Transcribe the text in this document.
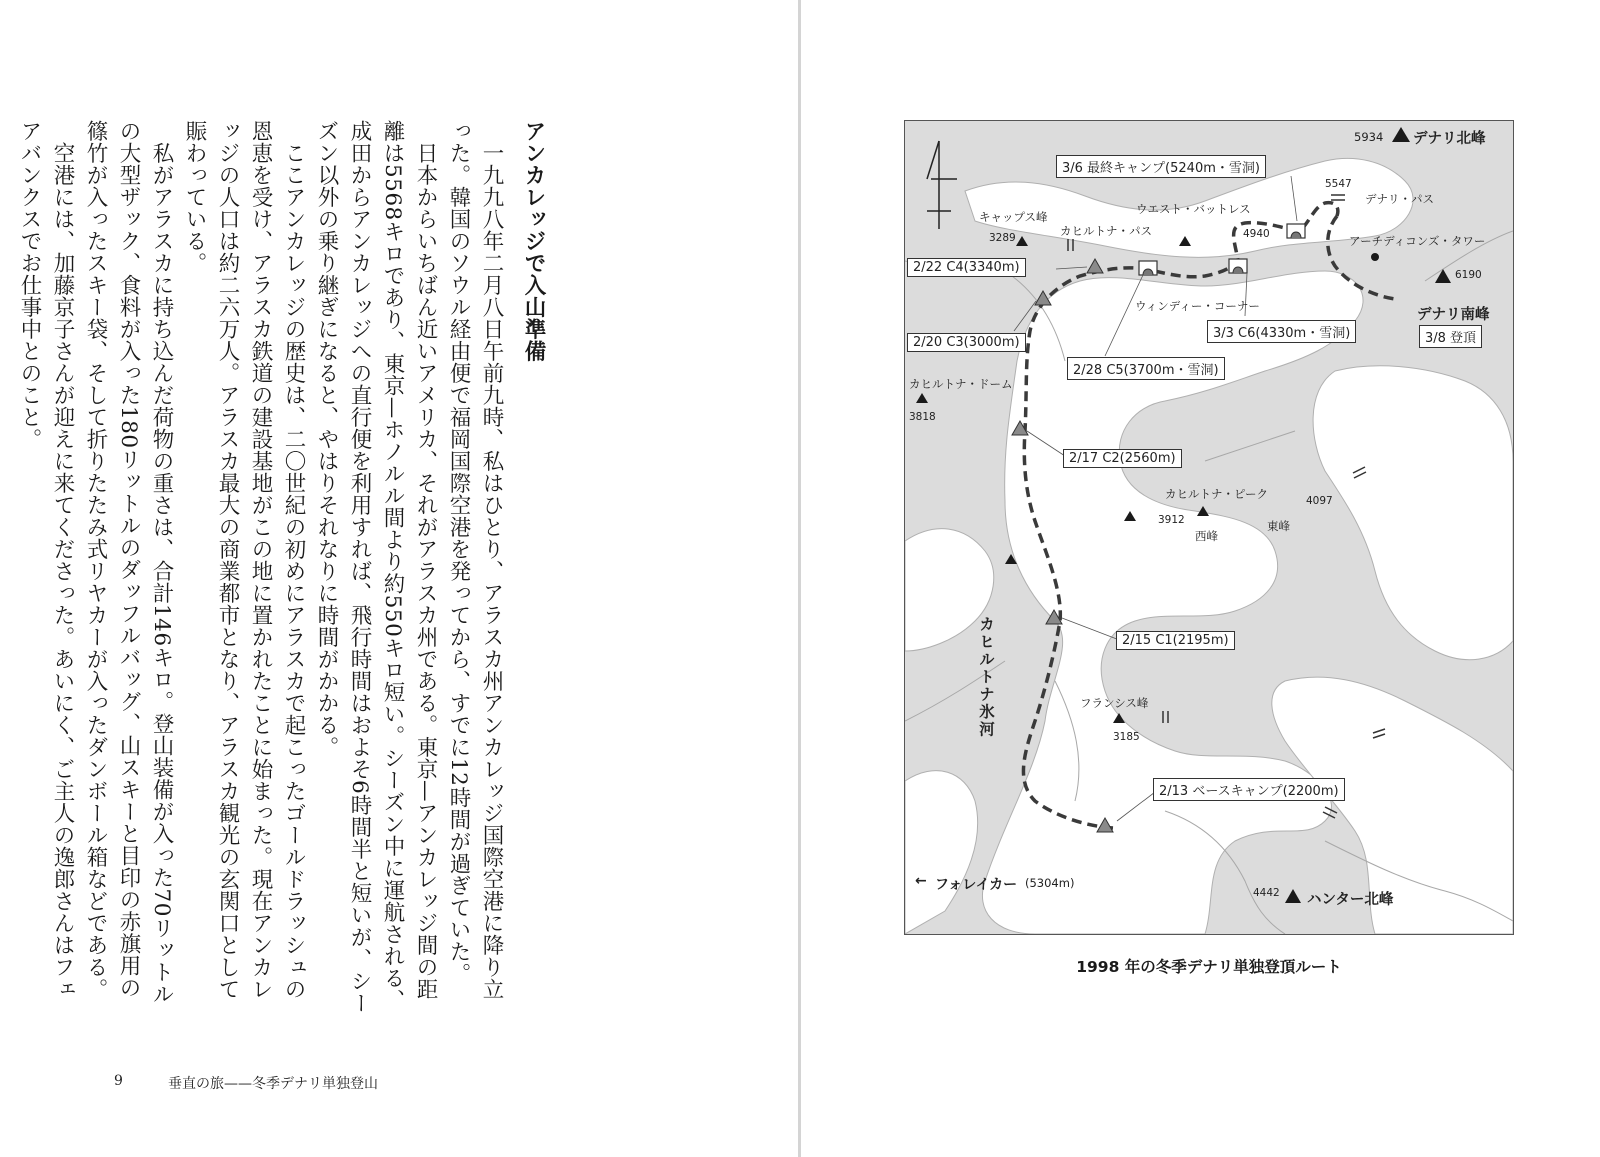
アンカレッジで入山準備

一九九八年二月八日午前九時、私はひとり、アラスカ州アンカレッジ国際空港に降り立った。韓国のソウル経由便で福岡国際空港を発ってから、すでに12時間が過ぎていた。

日本からいちばん近いアメリカ、それがアラスカ州である。東京—アンカレッジ間の距離は5568キロであり、東京—ホノルル間より約550キロ短い。シーズン中に運航される、成田からアンカレッジへの直行便を利用すれば、飛行時間はおよそ6時間半と短いが、シーズン以外の乗り継ぎになると、やはりそれなりに時間がかかる。

ここアンカレッジの歴史は、二〇世紀の初めにアラスカで起こったゴールドラッシュの恩恵を受け、アラスカ鉄道の建設基地がこの地に置かれたことに始まった。現在アンカレッジの人口は約二六万人。アラスカ最大の商業都市となり、アラスカ観光の玄関口として賑わっている。

私がアラスカに持ち込んだ荷物の重さは、合計146キロ。登山装備が入った70リットルの大型ザック、食料が入った180リットルのダッフルバッグ、山スキーと目印の赤旗用の篠竹が入ったスキー袋、そして折りたたみ式リヤカーが入ったダンボール箱などである。

空港には、加藤京子さんが迎えに来てくださった。あいにく、ご主人の逸郎さんはフェアバンクスでお仕事中とのこと。

9	垂直の旅——冬季デナリ単独登山
5934 デナリ北峰
5547
デナリ・パス
アーチディコンズ・タワー
6190
デナリ南峰
3/8 登頂
3/6 最終キャンプ(5240m・雪洞)
ウエスト・バットレス
4940
キャップス峰
3289	カヒルトナ・パス
2/22 C4(3340m)
ウィンディー・コーナー
3/3 C6(4330m・雪洞)
2/20 C3(3000m)
2/28 C5(3700m・雪洞)
カヒルトナ・ドーム
3818
2/17 C2(2560m)
カヒルトナ・ピーク	4097
3912	東峰
西峰
2/15 C1(2195m)
カヒルトナ氷河	フランシス峰
3185
2/13 ベースキャンプ(2200m)
← フォレイカー (5304m)
4442 ハンター北峰
1998 年の冬季デナリ単独登頂ルート
